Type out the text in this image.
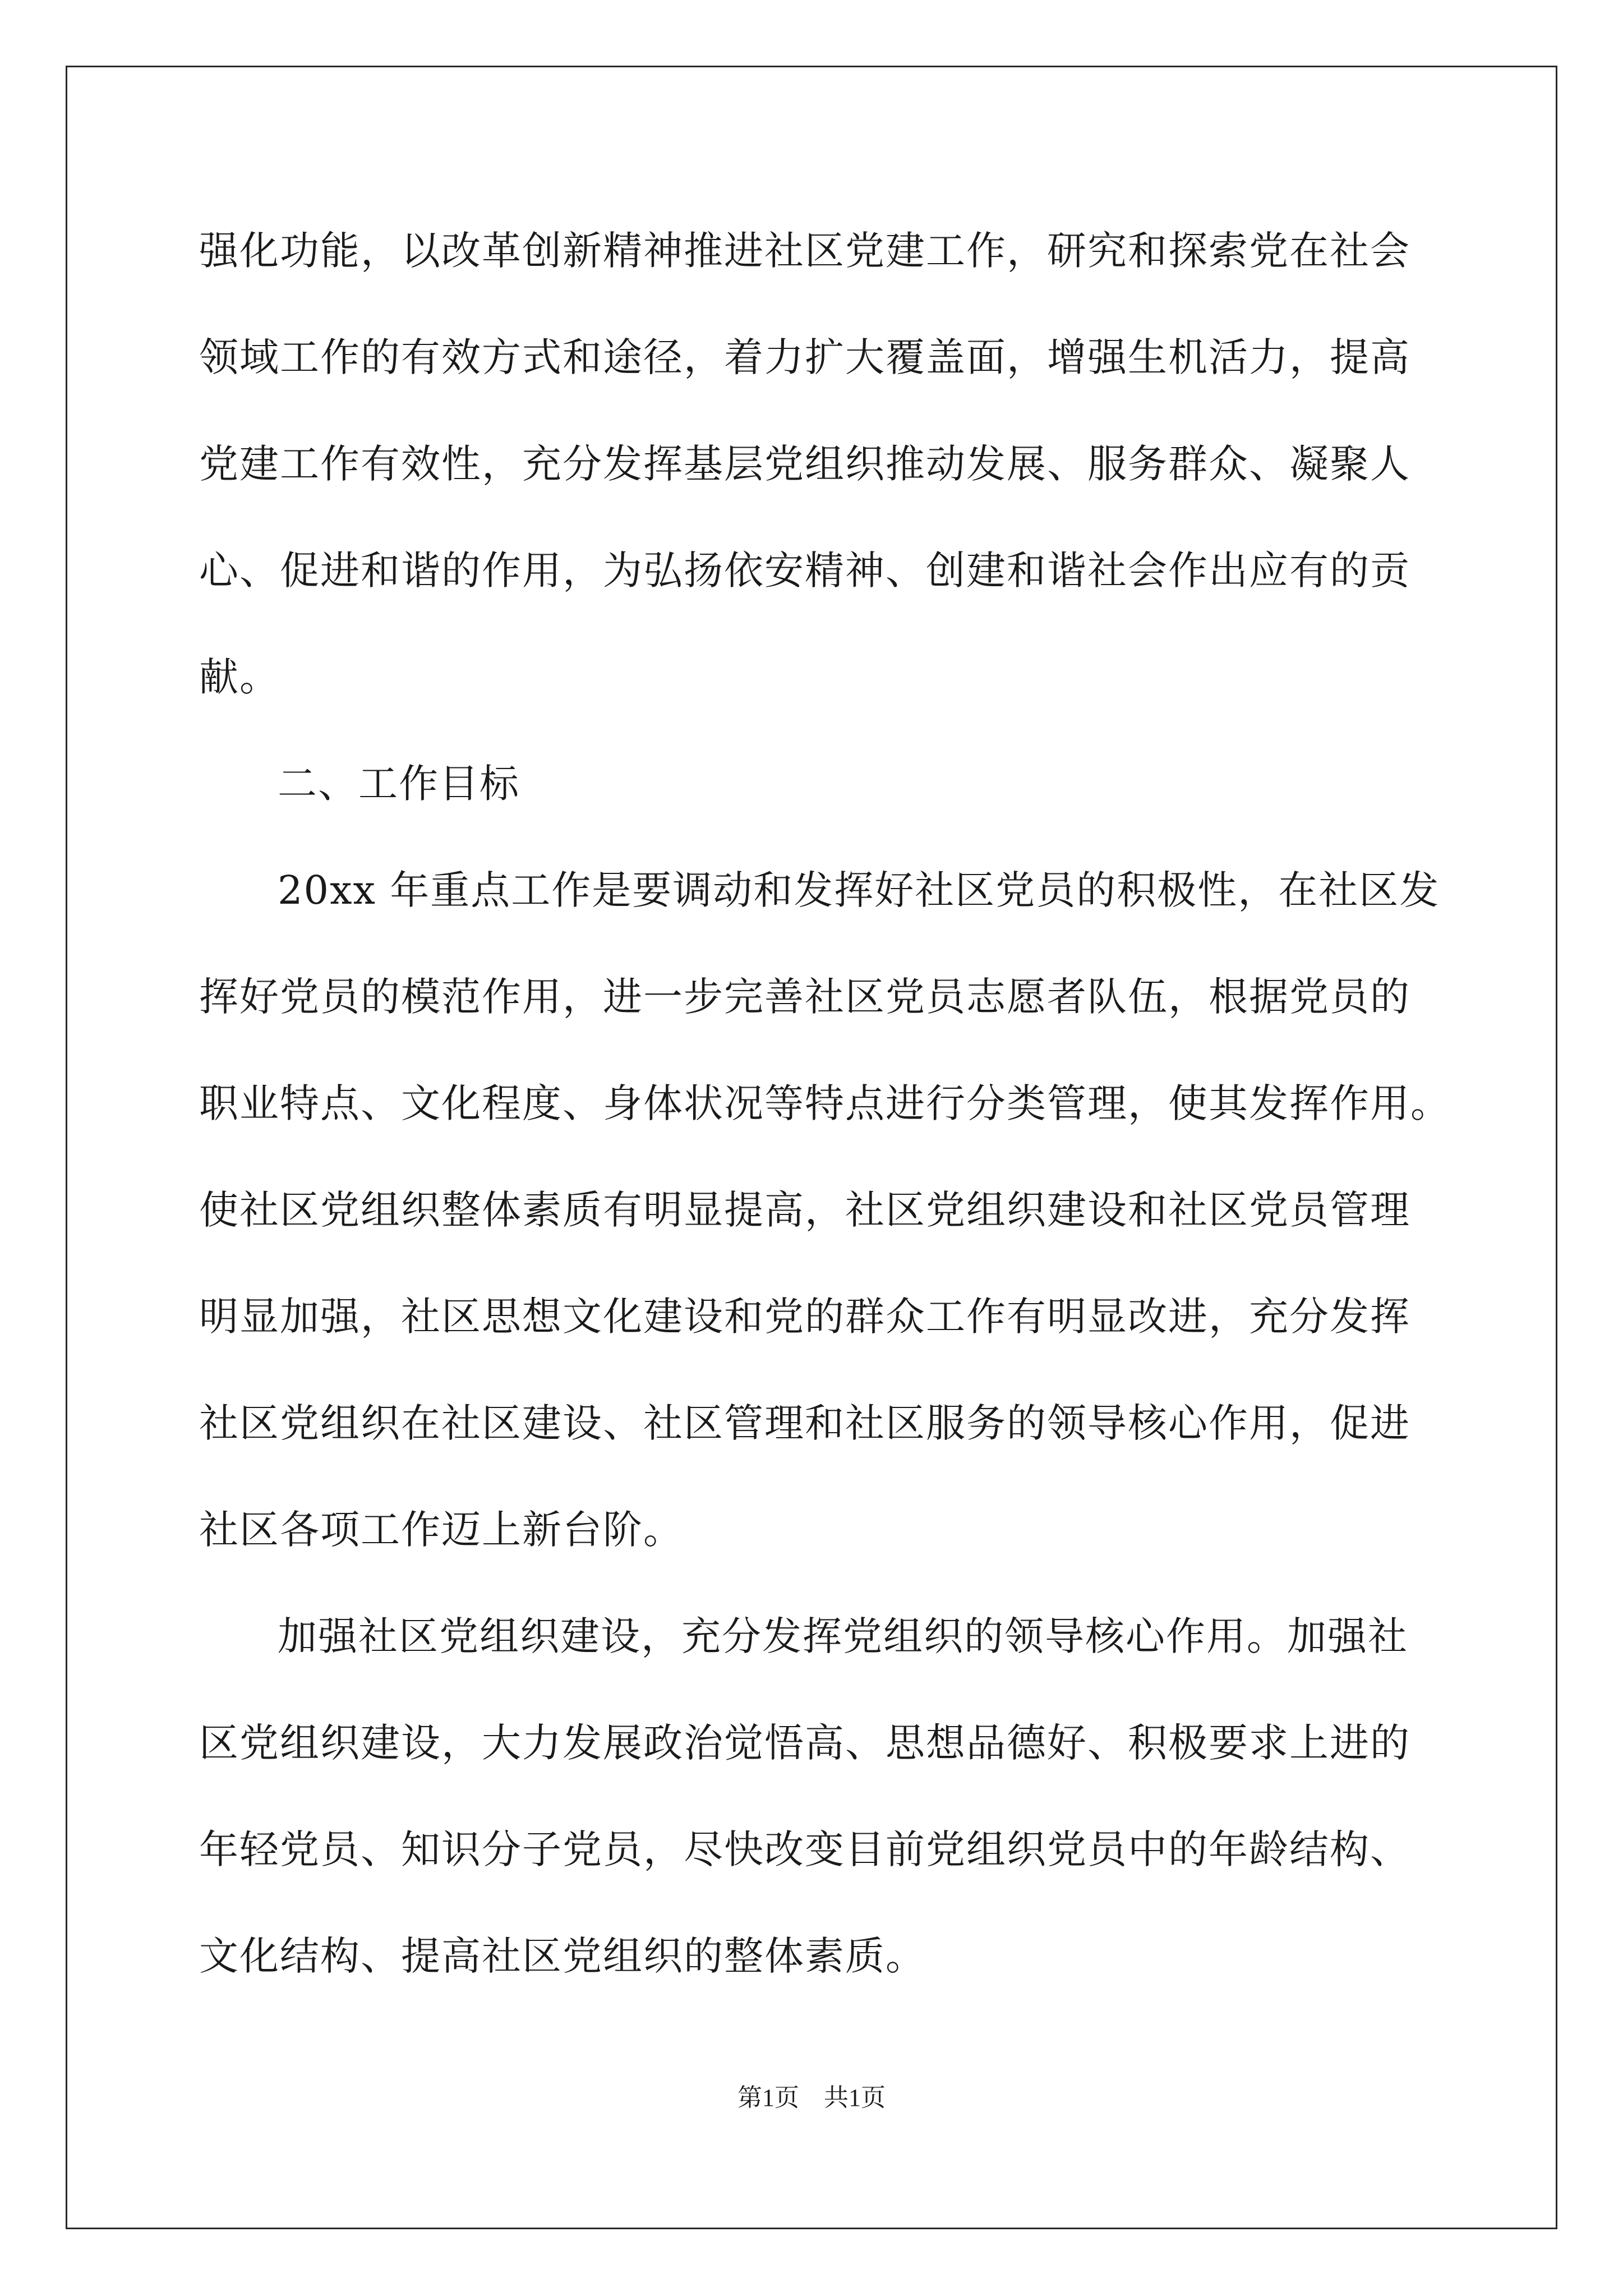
强化功能，以改革创新精神推进社区党建工作，研究和探索党在社会
领域工作的有效方式和途径，着力扩大覆盖面，增强生机活力，提高
党建工作有效性，充分发挥基层党组织推动发展、服务群众、凝聚人
心、促进和谐的作用，为弘扬依安精神、创建和谐社会作出应有的贡
献。
二、工作目标
20xx 年重点工作是要调动和发挥好社区党员的积极性，在社区发
挥好党员的模范作用，进一步完善社区党员志愿者队伍，根据党员的
职业特点、文化程度、身体状况等特点进行分类管理，使其发挥作用。
使社区党组织整体素质有明显提高，社区党组织建设和社区党员管理
明显加强，社区思想文化建设和党的群众工作有明显改进，充分发挥
社区党组织在社区建设、社区管理和社区服务的领导核心作用，促进
社区各项工作迈上新台阶。
加强社区党组织建设，充分发挥党组织的领导核心作用。加强社
区党组织建设，大力发展政治觉悟高、思想品德好、积极要求上进的
年轻党员、知识分子党员，尽快改变目前党组织党员中的年龄结构、
文化结构、提高社区党组织的整体素质。
第1页　共1页
